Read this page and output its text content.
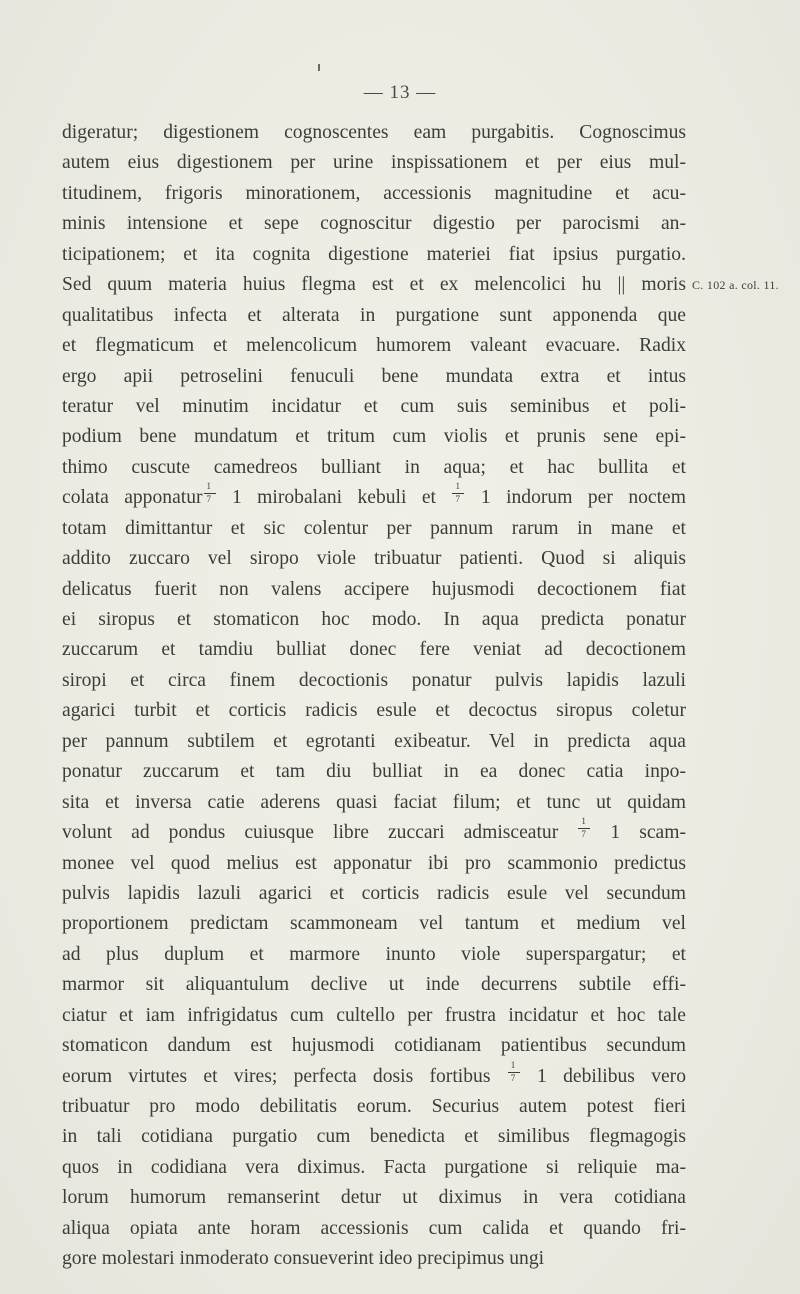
— 13 —
digeratur; digestionem cognoscentes eam purgabitis. Cognoscimus
autem eius digestionem per urine inspissationem et per eius mul-
titudinem, frigoris minorationem, accessionis magnitudine et acu-
minis intensione et sepe cognoscitur digestio per parocismi an-
ticipationem; et ita cognita digestione materiei fiat ipsius purgatio.
Sed quum materia huius flegma est et ex melencolici hu || moris C. 102 a. col. 11.
qualitatibus infecta et alterata in purgatione sunt apponenda que
et flegmaticum et melencolicum humorem valeant evacuare. Radix
ergo apii petroselini fenuculi bene mundata extra et intus
teratur vel minutim incidatur et cum suis seminibus et poli-
podium bene mundatum et tritum cum violis et prunis sene epi-
thimo cuscute camedreos bulliant in aqua; et hac bullita et
colata apponatur $\frac{1}{7} 1$ mirobalani kebuli et $\frac{1}{7} 1$ indorum per noctem
totam dimittantur et sic colentur per pannum rarum in mane et
addito zuccaro vel siropo viole tribuatur patienti. Quod si aliquis
delicatus fuerit non valens accipere hujusmodi decoctionem fiat
ei siropus et stomaticon hoc modo. In aqua predicta ponatur
zuccarum et tamdiu bulliat donec fere veniat ad decoctionem
siropi et circa finem decoctionis ponatur pulvis lapidis lazuli
agarici turbit et corticis radicis esule et decoctus siropus coletur
per pannum subtilem et egrotanti exibeatur. Vel in predicta aqua
ponatur zuccarum et tam diu bulliat in ea donec catia inpo-
sita et inversa catie aderens quasi faciat filum; et tunc ut quidam
volunt ad pondus cuiusque libre zuccari admisceatur $\frac{1}{7} 1$ scam-
monee vel quod melius est apponatur ibi pro scammonio predictus
pulvis lapidis lazuli agarici et corticis radicis esule vel secundum
proportionem predictam scammoneam vel tantum et medium vel
ad plus duplum et marmore inunto viole superspargatur; et
marmor sit aliquantulum declive ut inde decurrens subtile effi-
ciatur et iam infrigidatus cum cultello per frustra incidatur et hoc tale
stomaticon dandum est hujusmodi cotidianam patientibus secundum
eorum virtutes et vires; perfecta dosis fortibus $\frac{1}{7} 1$ debilibus vero
tribuatur pro modo debilitatis eorum. Securius autem potest fieri
in tali cotidiana purgatio cum benedicta et similibus flegmagogis
quos in codidiana vera diximus. Facta purgatione si reliquie ma-
lorum humorum remanserint detur ut diximus in vera cotidiana
aliqua opiata ante horam accessionis cum calida et quando fri-
gore molestari inmoderato consueverint ideo precipimus ungi
